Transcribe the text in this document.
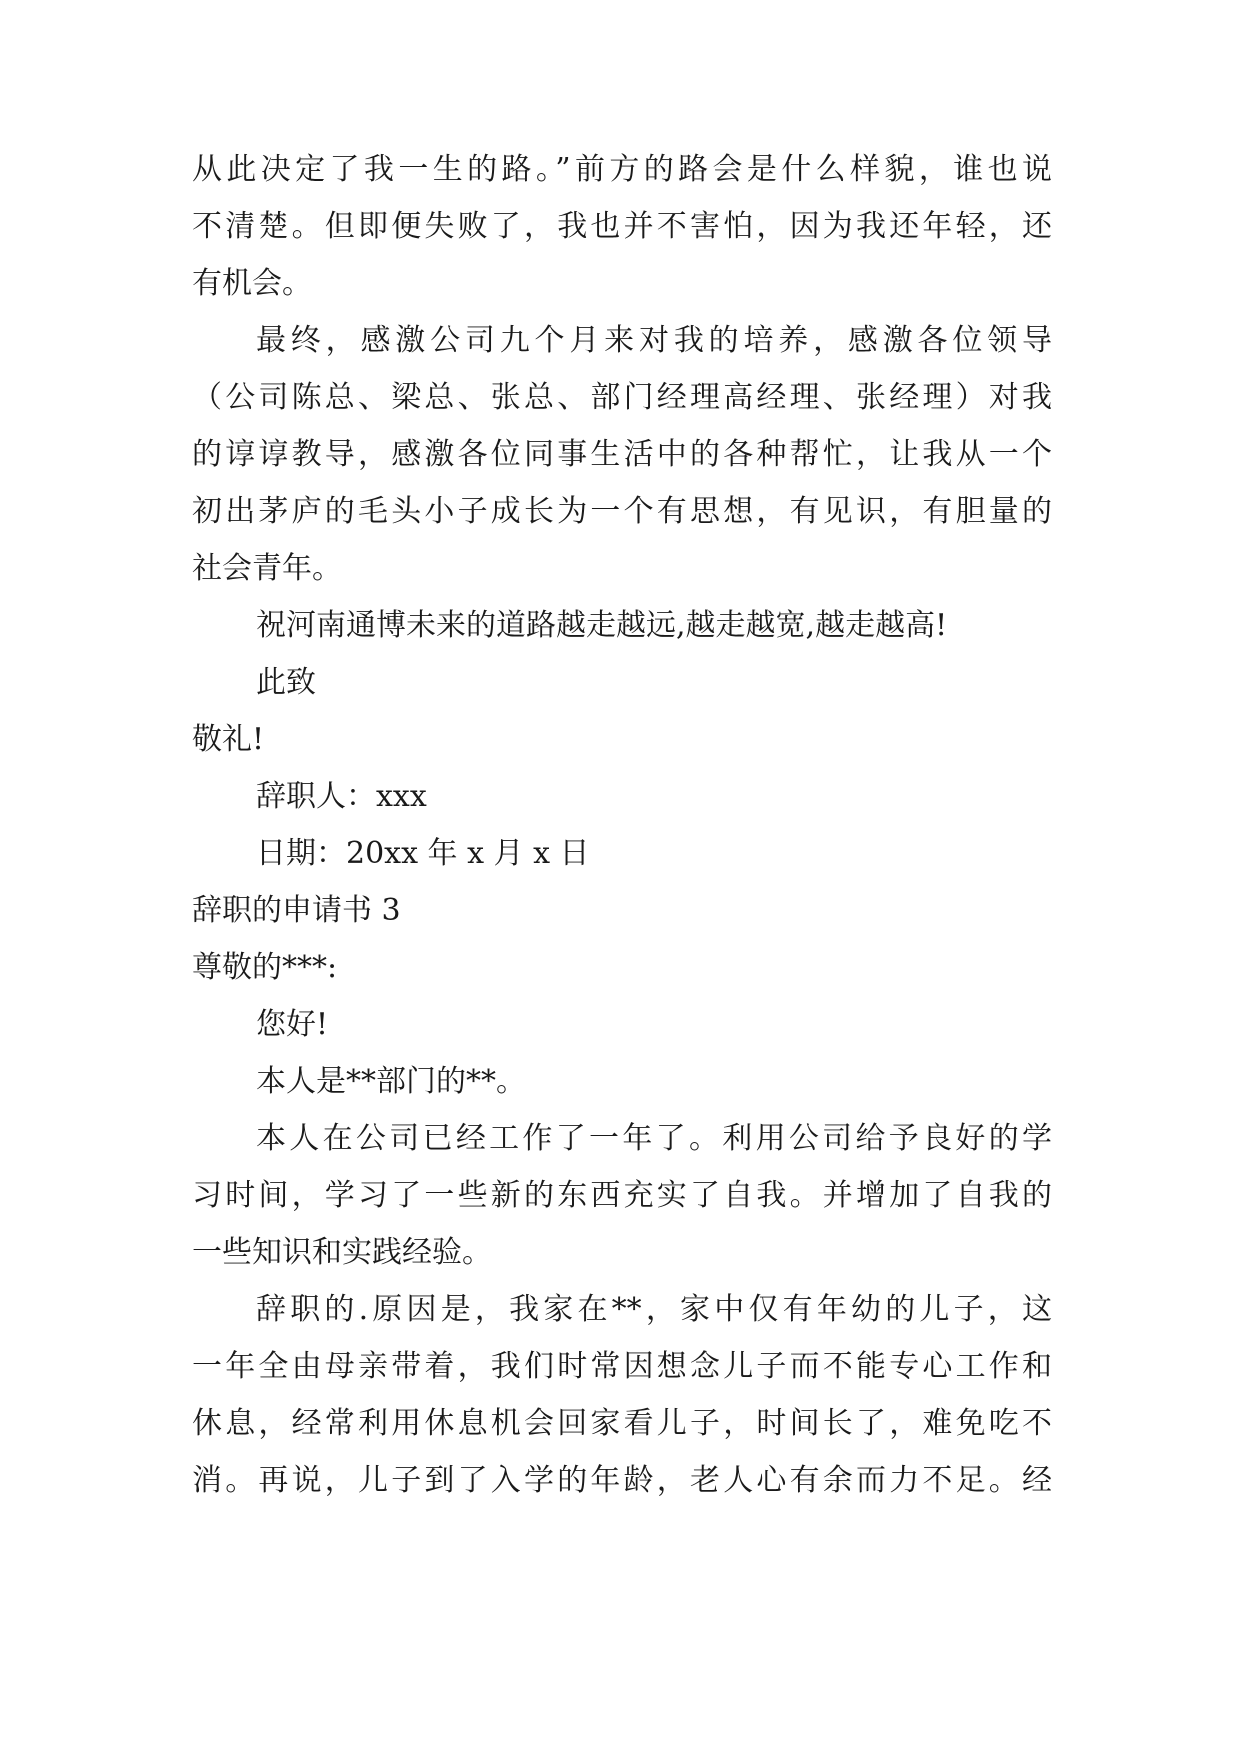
从此决定了我一生的路。”前方的路会是什么样貌，谁也说
不清楚。但即便失败了，我也并不害怕，因为我还年轻，还
有机会。
最终，感激公司九个月来对我的培养，感激各位领导
（公司陈总、梁总、张总、部门经理高经理、张经理）对我
的谆谆教导，感激各位同事生活中的各种帮忙，让我从一个
初出茅庐的毛头小子成长为一个有思想，有见识，有胆量的
社会青年。
祝河南通博未来的道路越走越远,越走越宽,越走越高!
此致
敬礼!
辞职人：xxx
日期：20xx 年 x 月 x 日
辞职的申请书 3
尊敬的***:
您好!
本人是**部门的**。
本人在公司已经工作了一年了。利用公司给予良好的学
习时间，学习了一些新的东西充实了自我。并增加了自我的
一些知识和实践经验。
辞职的.原因是，我家在**，家中仅有年幼的儿子，这
一年全由母亲带着，我们时常因想念儿子而不能专心工作和
休息，经常利用休息机会回家看儿子，时间长了，难免吃不
消。再说，儿子到了入学的年龄，老人心有余而力不足。经
